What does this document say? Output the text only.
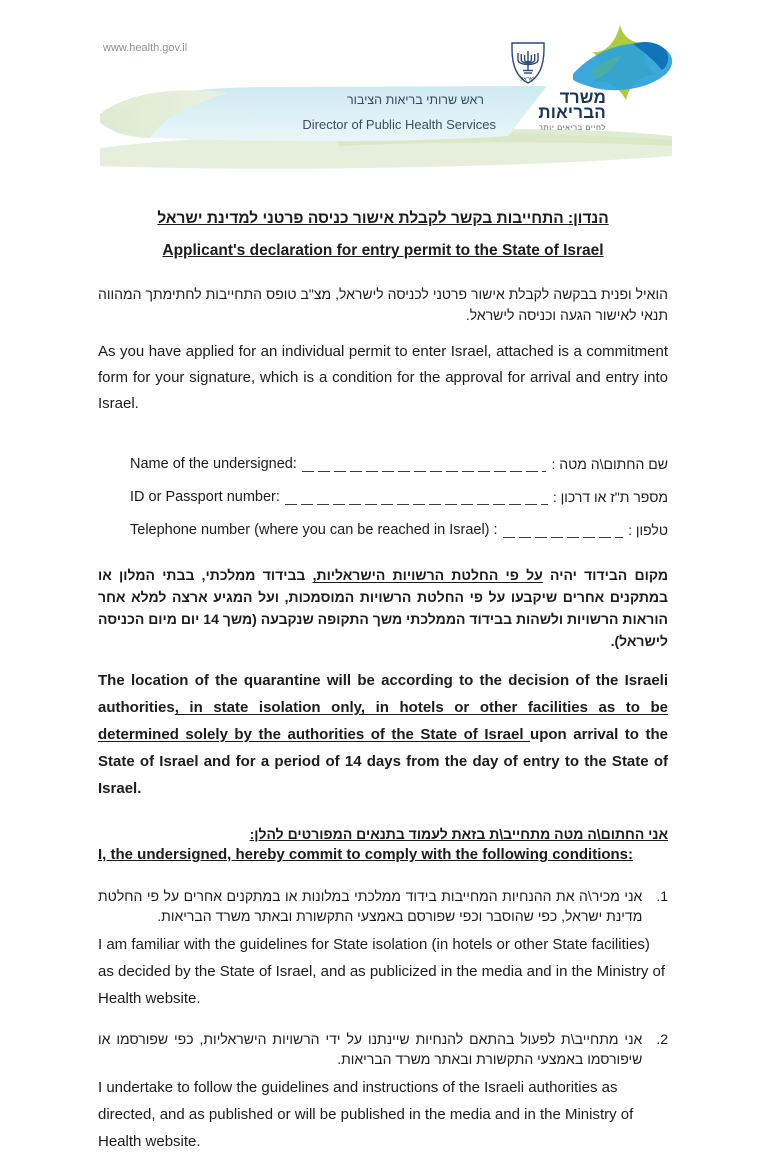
www.health.gov.il
ראש שרותי בריאות הציבור
Director of Public Health Services
ישראל
משרד
הבריאות
לחיים בריאים יותר
הנדון: התחייבות בקשר לקבלת אישור כניסה פרטני למדינת ישראל
Applicant's declaration for entry permit to the State of Israel

הואיל ופנית בבקשה לקבלת אישור פרטני לכניסה לישראל, מצ"ב טופס התחייבות לחתימתך המהווה תנאי לאישור הגעה וכניסה לישראל.

As you have applied for an individual permit to enter Israel, attached is a commitment form for your signature, which is a condition for the approval for arrival and entry into Israel.

Name of the undersigned:	שם החתום\ה מטה :
ID or Passport number:	מספר ת"ז או דרכון :
Telephone number (where you can be reached in Israel) :	טלפון :

מקום הבידוד יהיה על פי החלטת הרשויות הישראליות, בבידוד ממלכתי, בבתי המלון או במתקנים אחרים שיקבעו על פי החלטת הרשויות המוסמכות, ועל המגיע ארצה למלא אחר הוראות הרשויות ולשהות בבידוד הממלכתי משך התקופה שנקבעה (משך 14 יום מיום הכניסה לישראל).

The location of the quarantine will be according to the decision of the Israeli authorities, in state isolation only, in hotels or other facilities as to be determined solely by the authorities of the State of Israel upon arrival to the State of Israel and for a period of 14 days from the day of entry to the State of Israel.

אני החתום\ה מטה מתחייב\ת בזאת לעמוד בתנאים המפורטים להלן:

I, the undersigned, hereby commit to comply with the following conditions:

1.
אני מכיר\ה את ההנחיות המחייבות בידוד ממלכתי במלונות או במתקנים אחרים על פי החלטת מדינת ישראל, כפי שהוסבר וכפי שפורסם באמצעי התקשורת ובאתר משרד הבריאות.
I am familiar with the guidelines for State isolation (in hotels or other State facilities) as decided by the State of Israel, and as publicized in the media and in the Ministry of Health website.
2.
אני מתחייב\ת לפעול בהתאם להנחיות שיינתנו על ידי הרשויות הישראליות, כפי שפורסמו או שיפורסמו באמצעי התקשורת ובאתר משרד הבריאות.
I undertake to follow the guidelines and instructions of the Israeli authorities as directed, and as published or will be published in the media and in the Ministry of Health website.
